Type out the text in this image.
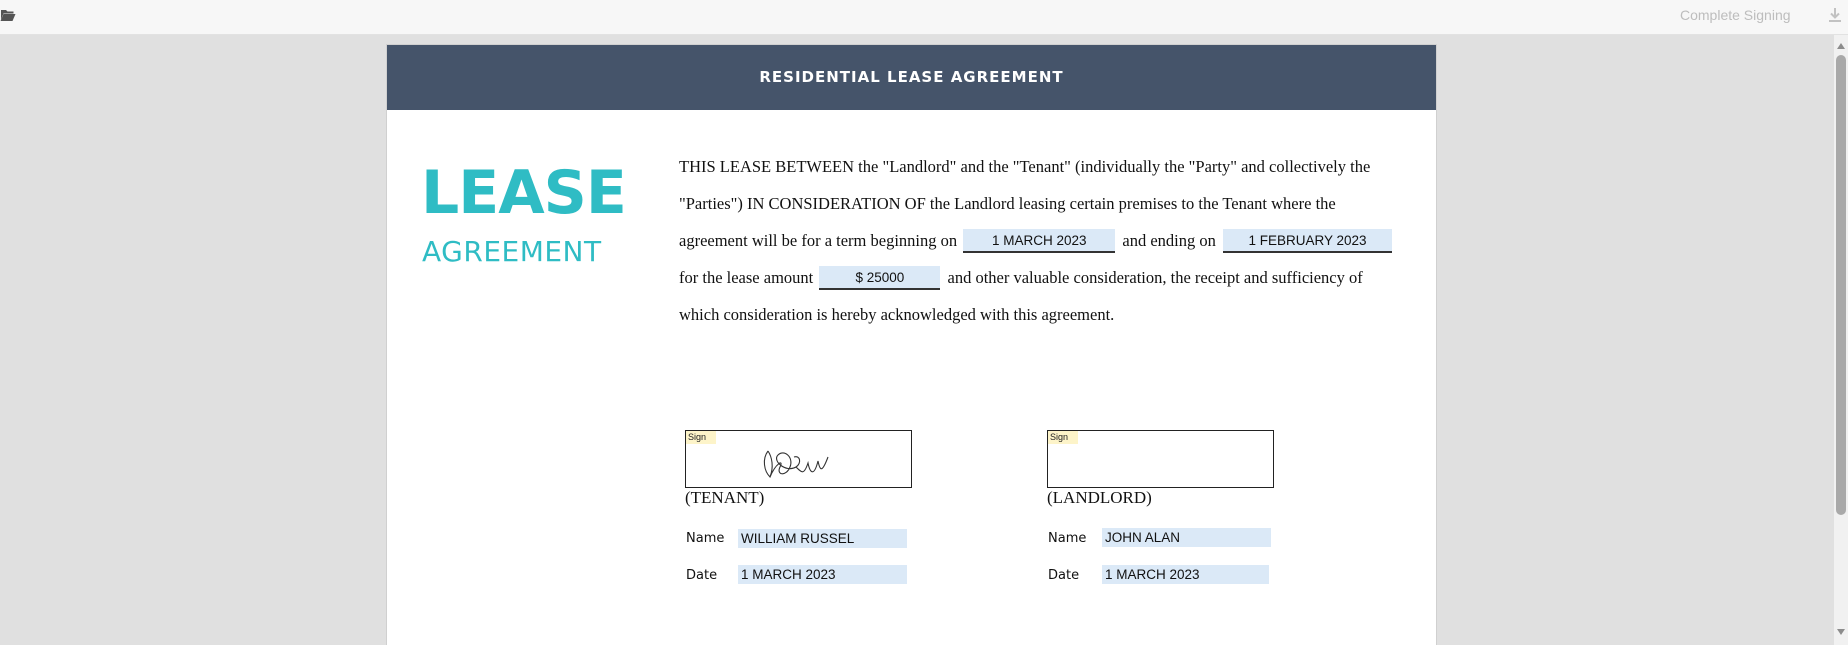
Complete Signing
RESIDENTIAL LEASE AGREEMENT
LEASE
AGREEMENT
THIS LEASE BETWEEN the "Landlord" and the "Tenant" (individually the "Party" and collectively the
"Parties") IN CONSIDERATION OF the Landlord leasing certain premises to the Tenant where the
agreement will be for a term beginning on	1 MARCH 2023 and ending on 1 FEBRUARY 2023
for the lease amount	$ 25000	and other valuable consideration, the receipt and sufficiency of
which consideration is hereby acknowledged with this agreement.
Sign
(TENANT)
Name WILLIAM RUSSEL
Date 1 MARCH 2023
Sign
(LANDLORD)
Name JOHN ALAN
Date 1 MARCH 2023
